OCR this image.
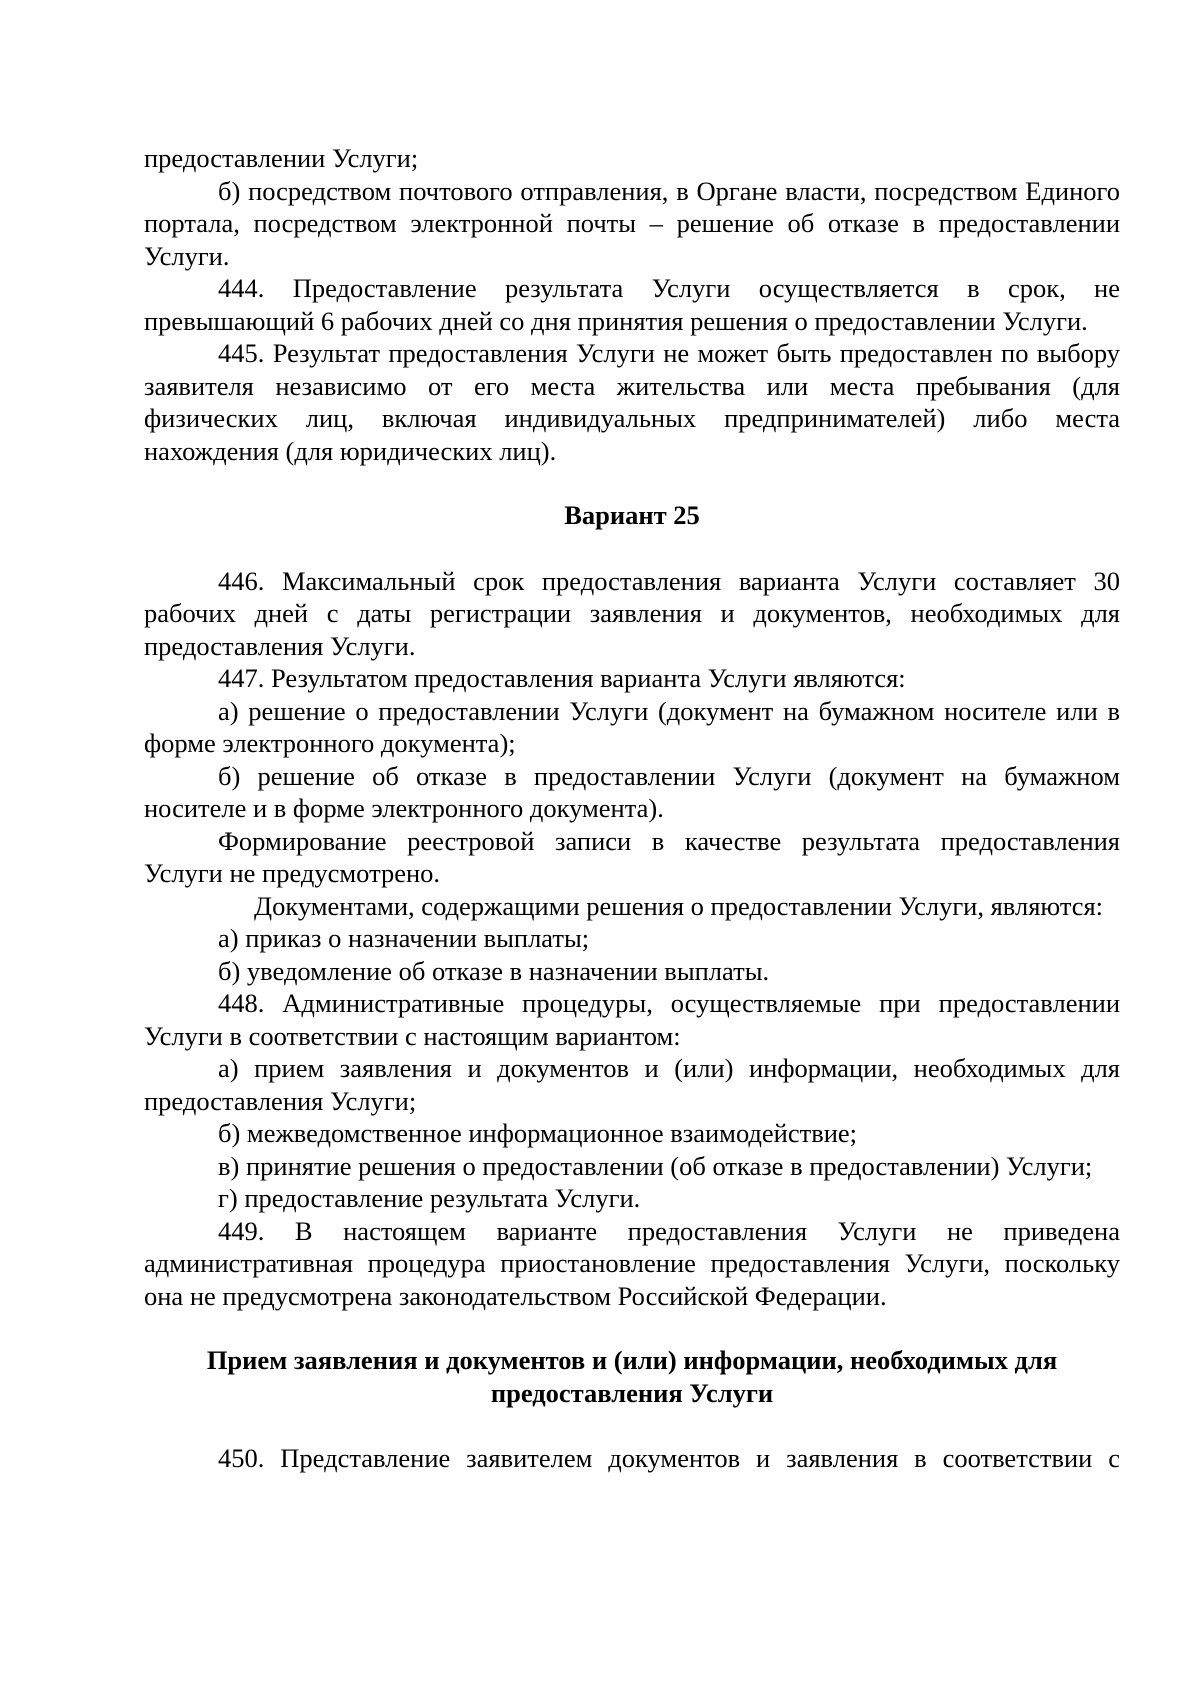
предоставлении Услуги;

б) посредством почтового отправления, в Органе власти, посредством Единого портала, посредством электронной почты – решение об отказе в предоставлении Услуги.

444. Предоставление результата Услуги осуществляется в срок, не превышающий 6 рабочих дней со дня принятия решения о предоставлении Услуги.

445. Результат предоставления Услуги не может быть предоставлен по выбору заявителя независимо от его места жительства или места пребывания (для физических лиц, включая индивидуальных предпринимателей) либо места нахождения (для юридических лиц).

Вариант 25

446. Максимальный срок предоставления варианта Услуги составляет 30 рабочих дней с даты регистрации заявления и документов, необходимых для предоставления Услуги.

447. Результатом предоставления варианта Услуги являются:

а) решение о предоставлении Услуги (документ на бумажном носителе или в форме электронного документа);

б) решение об отказе в предоставлении Услуги (документ на бумажном носителе и в форме электронного документа).

Формирование реестровой записи в качестве результата предоставления Услуги не предусмотрено.

Документами, содержащими решения о предоставлении Услуги, являются:

а) приказ о назначении выплаты;

б) уведомление об отказе в назначении выплаты.

448. Административные процедуры, осуществляемые при предоставлении Услуги в соответствии с настоящим вариантом:

а) прием заявления и документов и (или) информации, необходимых для предоставления Услуги;

б) межведомственное информационное взаимодействие;

в) принятие решения о предоставлении (об отказе в предоставлении) Услуги;

г) предоставление результата Услуги.

449. В настоящем варианте предоставления Услуги не приведена административная процедура приостановление предоставления Услуги, поскольку она не предусмотрена законодательством Российской Федерации.

Прием заявления и документов и (или) информации, необходимых для
предоставления Услуги

450. Представление заявителем документов и заявления в соответствии с
